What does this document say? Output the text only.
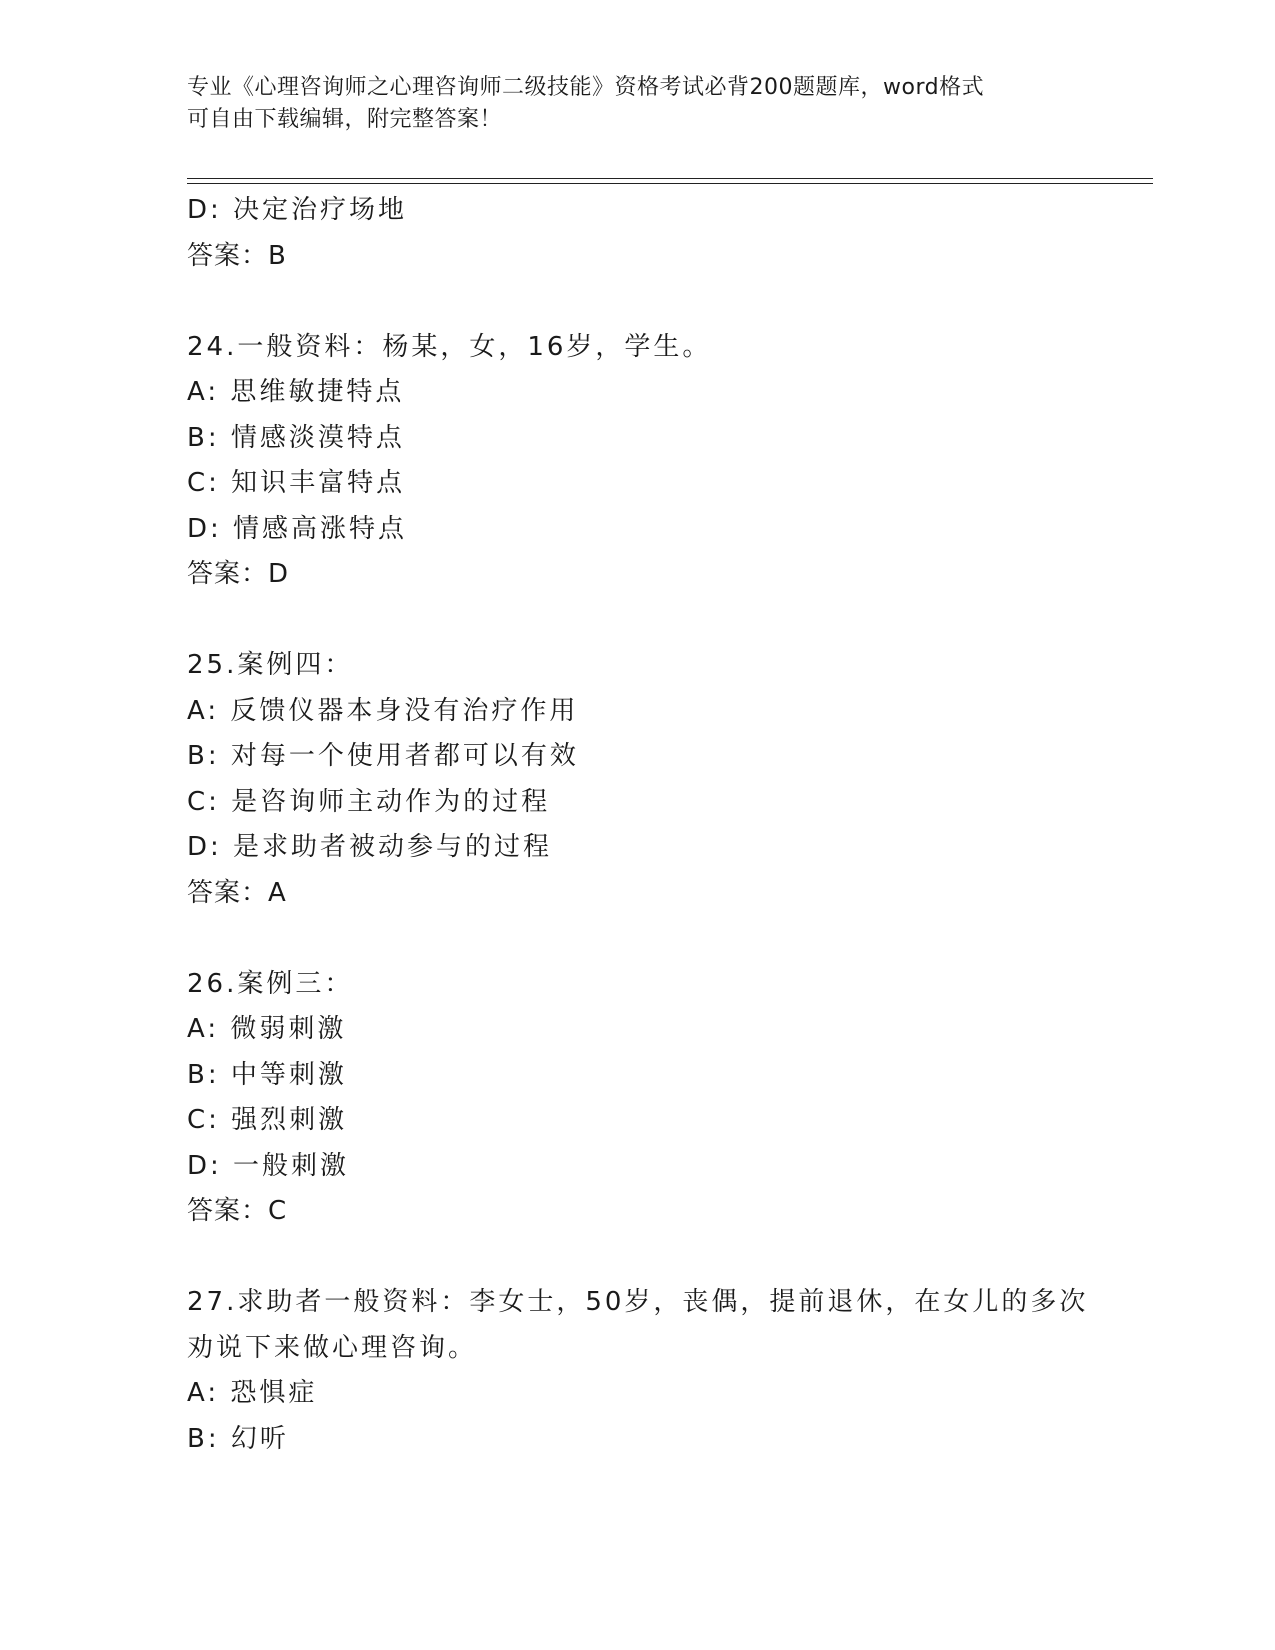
专业《心理咨询师之心理咨询师二级技能》资格考试必背200题题库，word格式
可自由下载编辑，附完整答案！
D: 决定治疗场地
答案：B
24.一般资料：杨某，女，16岁，学生。
A: 思维敏捷特点
B: 情感淡漠特点
C: 知识丰富特点
D: 情感高涨特点
答案：D
25.案例四：
A: 反馈仪器本身没有治疗作用
B: 对每一个使用者都可以有效
C: 是咨询师主动作为的过程
D: 是求助者被动参与的过程
答案：A
26.案例三：
A: 微弱刺激
B: 中等刺激
C: 强烈刺激
D: 一般刺激
答案：C
27.求助者一般资料：李女士，50岁，丧偶，提前退休，在女儿的多次
劝说下来做心理咨询。
A: 恐惧症
B: 幻听
